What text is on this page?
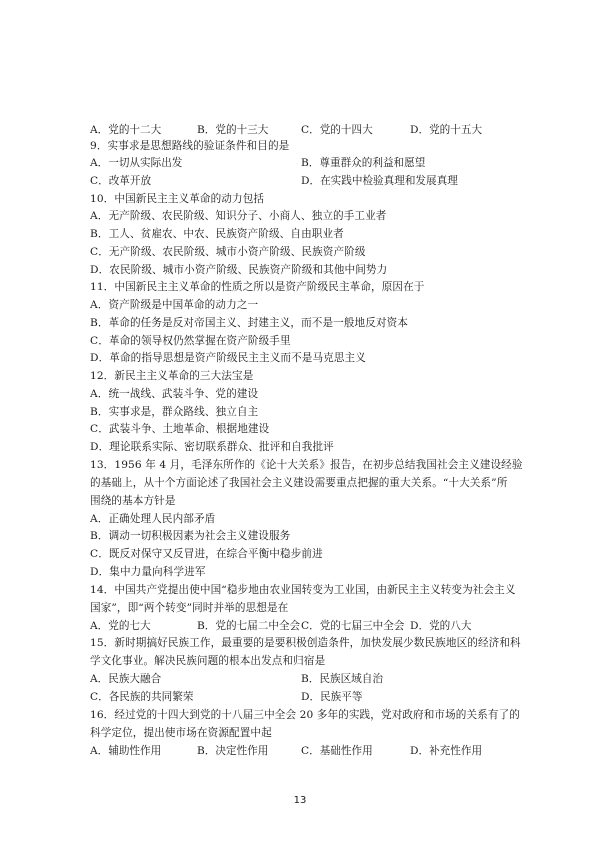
A．党的十二大	B．党的十三大	C．党的十四大	D．党的十五大
9．实事求是思想路线的验证条件和目的是
A．一切从实际出发	B．尊重群众的利益和愿望
C．改革开放	D．在实践中检验真理和发展真理
10．中国新民主主义革命的动力包括
A．无产阶级、农民阶级、知识分子、小商人、独立的手工业者
B．工人、贫雇农、中农、民族资产阶级、自由职业者
C．无产阶级、农民阶级、城市小资产阶级、民族资产阶级
D．农民阶级、城市小资产阶级、民族资产阶级和其他中间势力
11．中国新民主主义革命的性质之所以是资产阶级民主革命，原因在于
A．资产阶级是中国革命的动力之一
B．革命的任务是反对帝国主义、封建主义，而不是一般地反对资本
C．革命的领导权仍然掌握在资产阶级手里
D．革命的指导思想是资产阶级民主主义而不是马克思主义
12．新民主主义革命的三大法宝是
A．统一战线、武装斗争、党的建设
B．实事求是，群众路线、独立自主
C．武装斗争、土地革命、根据地建设
D．理论联系实际、密切联系群众、批评和自我批评
13．1956 年 4 月，毛泽东所作的《论十大关系》报告，在初步总结我国社会主义建设经验
的基础上，从十个方面论述了我国社会主义建设需要重点把握的重大关系。“十大关系”所
围绕的基本方针是
A．正确处理人民内部矛盾
B．调动一切积极因素为社会主义建设服务
C．既反对保守又反冒进，在综合平衡中稳步前进
D．集中力量向科学进军
14．中国共产党提出使中国“稳步地由农业国转变为工业国，由新民主主义转变为社会主义
国家”，即“两个转变”同时并举的思想是在
A．党的七大	B．党的七届二中全会 C．党的七届三中全会 D．党的八大
15．新时期搞好民族工作，最重要的是要积极创造条件，加快发展少数民族地区的经济和科
学文化事业。解决民族问题的根本出发点和归宿是
A．民族大融合	B．民族区域自治
C．各民族的共同繁荣	D．民族平等
16．经过党的十四大到党的十八届三中全会 20 多年的实践，党对政府和市场的关系有了的
科学定位，提出使市场在资源配置中起
A．辅助性作用	B．决定性作用	C．基础性作用	D．补充性作用
13
